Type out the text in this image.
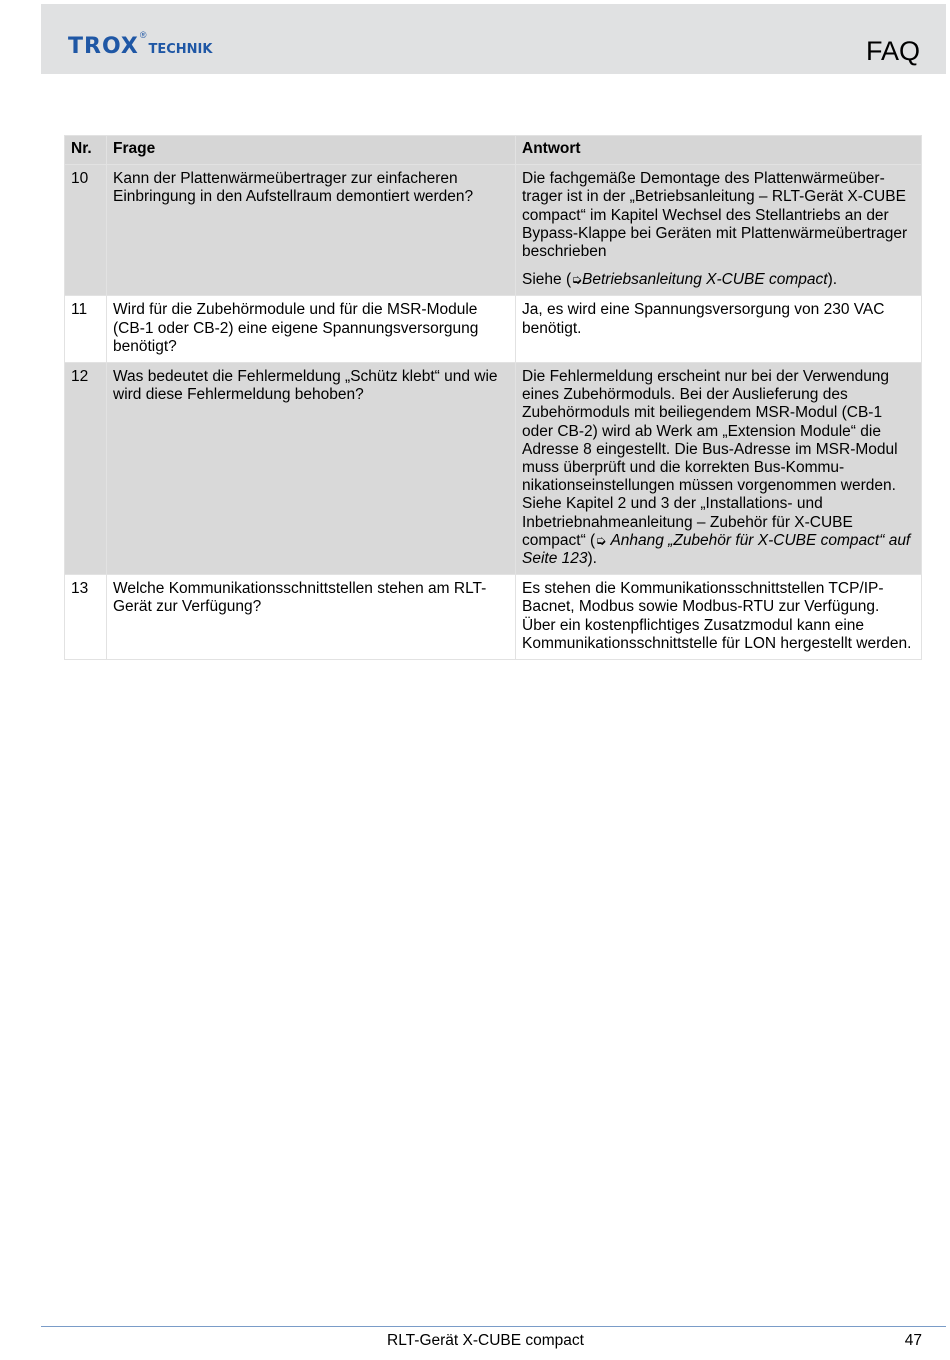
TROX ®
TECHNIK	FAQ
Nr.	Frage	Antwort
10	Kann der Plattenwärmeübertrager zur einfacheren Einbringung in den Aufstellraum demontiert werden?	Die fachgemäße Demontage des Plattenwärmeübertrager ist in der „Betriebsanleitung – RLT-Gerät X-CUBE compact“ im Kapitel Wechsel des Stellantriebs an der Bypass-Klappe bei Geräten mit Plattenwärmeübertrager beschrieben
Siehe (➭Betriebsanleitung X-CUBE compact).

11	Wird für die Zubehörmodule und für die MSR-Module (CB-1 oder CB-2) eine eigene Spannungsversorgung benötigt?	Ja, es wird eine Spannungsversorgung von 230 VAC benötigt.
12	Was bedeutet die Fehlermeldung „Schütz klebt“ und wie wird diese Fehlermeldung behoben?	Die Fehlermeldung erscheint nur bei der Verwendung eines Zubehörmoduls. Bei der Auslieferung des Zubehörmoduls mit beiliegendem MSR-Modul (CB-1 oder CB-2) wird ab Werk am „Extension Module“ die Adresse 8 eingestellt. Die Bus-Adresse im MSR-Modul muss überprüft und die korrekten Bus-Kommunikationseinstellungen müssen vorgenommen werden. Siehe Kapitel 2 und 3 der „Installations- und Inbetriebnahmeanleitung – Zubehör für X-CUBE compact“ (➭ Anhang „Zubehör für X-CUBE compact“ auf Seite 123).
13	Welche Kommunikationsschnittstellen stehen am RLT-Gerät zur Verfügung?	Es stehen die Kommunikationsschnittstellen TCP/IP-Bacnet, Modbus sowie Modbus-RTU zur Verfügung. Über ein kostenpflichtiges Zusatzmodul kann eine Kommunikationsschnittstelle für LON hergestellt werden.
RLT-Gerät X-CUBE compact	47
